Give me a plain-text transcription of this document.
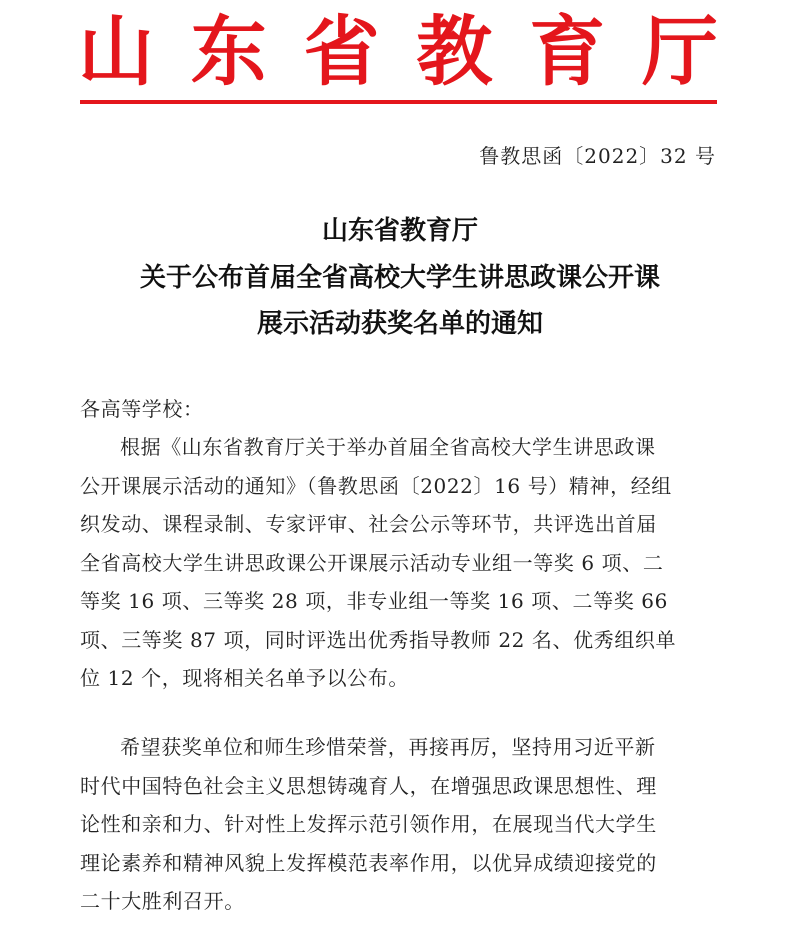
山 东 省 教 育 厅
鲁教思函〔2022〕32 号
山东省教育厅
关于公布首届全省高校大学生讲思政课公开课
展示活动获奖名单的通知
各高等学校：
根据《山东省教育厅关于举办首届全省高校大学生讲思政课
公开课展示活动的通知》（鲁教思函〔2022〕16 号）精神，经组
织发动、课程录制、专家评审、社会公示等环节，共评选出首届
全省高校大学生讲思政课公开课展示活动专业组一等奖 6 项、二
等奖 16 项、三等奖 28 项，非专业组一等奖 16 项、二等奖 66
项、三等奖 87 项，同时评选出优秀指导教师 22 名、优秀组织单
位 12 个，现将相关名单予以公布。
希望获奖单位和师生珍惜荣誉，再接再厉，坚持用习近平新
时代中国特色社会主义思想铸魂育人，在增强思政课思想性、理
论性和亲和力、针对性上发挥示范引领作用，在展现当代大学生
理论素养和精神风貌上发挥模范表率作用，以优异成绩迎接党的
二十大胜利召开。
